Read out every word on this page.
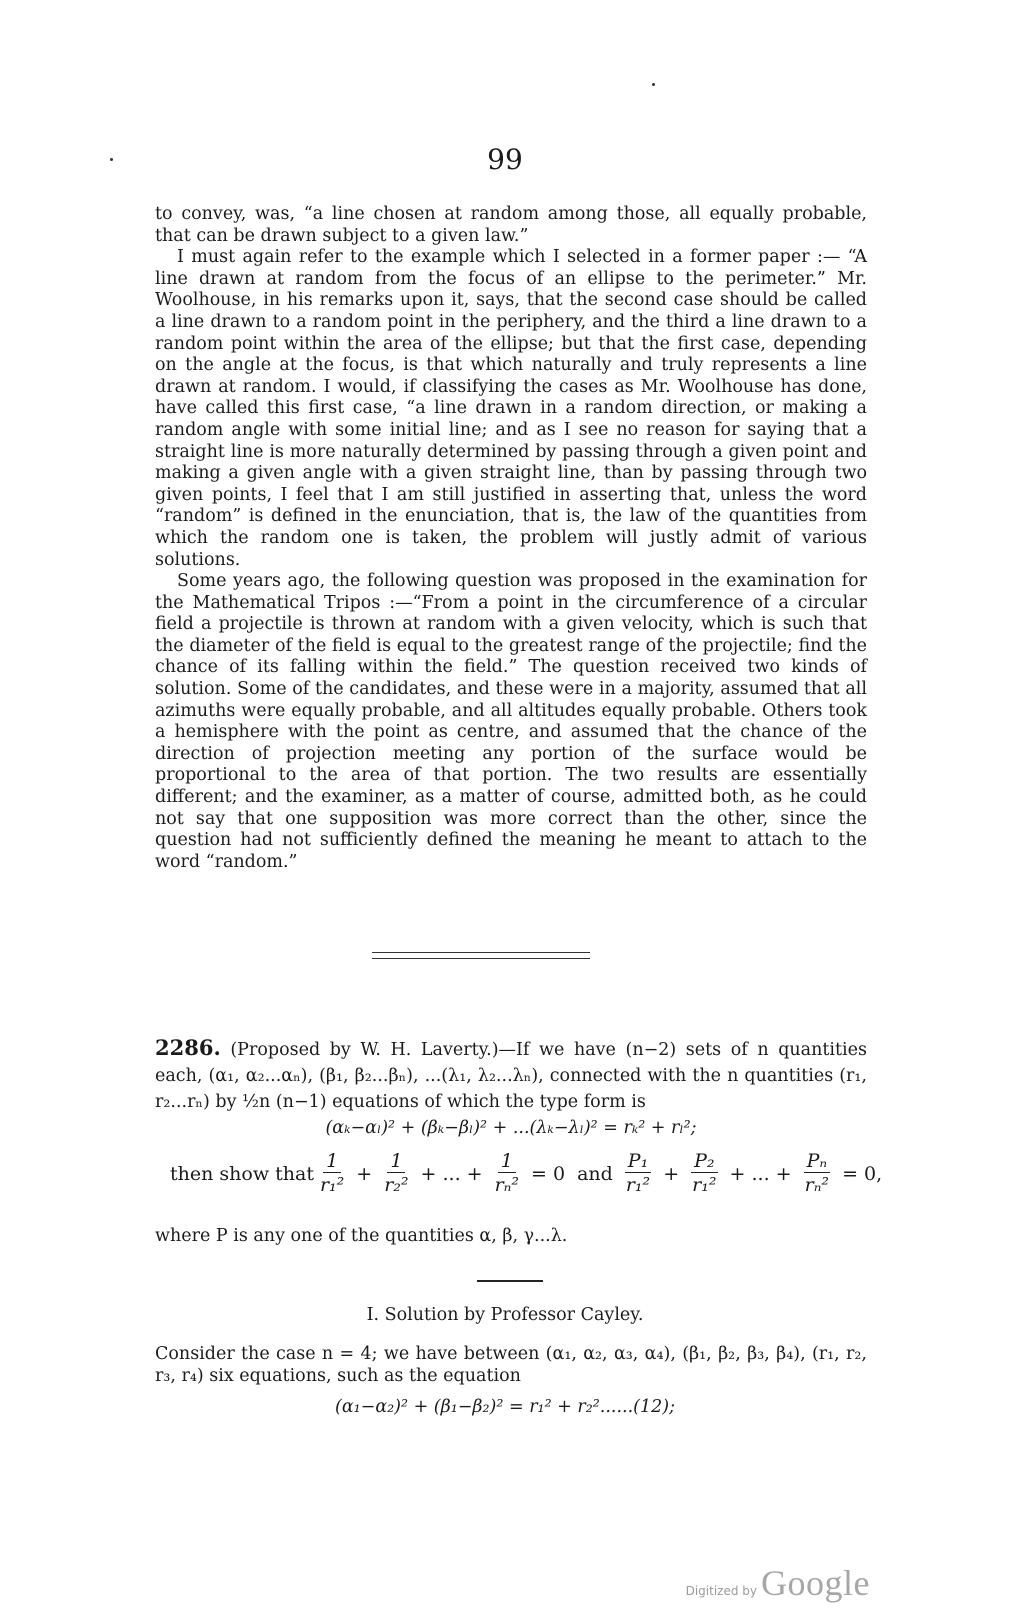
99

to convey, was, “a line chosen at random among those, all equally probable, that can be drawn subject to a given law.”

I must again refer to the example which I selected in a former paper :— “A line drawn at random from the focus of an ellipse to the perimeter.” Mr. Woolhouse, in his remarks upon it, says, that the second case should be called a line drawn to a random point in the periphery, and the third a line drawn to a random point within the area of the ellipse; but that the first case, depending on the angle at the focus, is that which naturally and truly represents a line drawn at random. I would, if classifying the cases as Mr. Woolhouse has done, have called this first case, “a line drawn in a random direction, or making a random angle with some initial line; and as I see no reason for saying that a straight line is more naturally determined by passing through a given point and making a given angle with a given straight line, than by passing through two given points, I feel that I am still justified in asserting that, unless the word “random” is defined in the enunciation, that is, the law of the quantities from which the random one is taken, the problem will justly admit of various solutions.

Some years ago, the following question was proposed in the examination for the Mathematical Tripos :—“From a point in the circumference of a circular field a projectile is thrown at random with a given velocity, which is such that the diameter of the field is equal to the greatest range of the projectile; find the chance of its falling within the field.” The question received two kinds of solution. Some of the candidates, and these were in a majority, assumed that all azimuths were equally probable, and all altitudes equally probable. Others took a hemisphere with the point as centre, and assumed that the chance of the direction of projection meeting any portion of the surface would be proportional to the area of that portion. The two results are essentially different; and the examiner, as a matter of course, admitted both, as he could not say that one supposition was more correct than the other, since the question had not sufficiently defined the meaning he meant to attach to the word “random.”

2286. (Proposed by W. H. Laverty.)—If we have (n−2) sets of n quantities each, (α₁, α₂...αₙ), (β₁, β₂...βₙ), ...(λ₁, λ₂...λₙ), connected with the n quantities (r₁, r₂...rₙ) by ½n (n−1) equations of which the type form is
(αₖ−αₗ)² + (βₖ−βₗ)² + ...(λₖ−λₗ)² = rₖ² + rₗ²;
then show that $\frac{1}{\text{r₁²}} + \frac{1}{\text{r₂²}}$ + ... + $\frac{1}{\text{rₙ²}} = 0$ and $\frac{\text{P₁}}{\text{r₁²}} + \frac{\text{P₂}}{\text{r₁²}}$ + ... + $\frac{\text{Pₙ}}{\text{rₙ²}} = 0$,
where P is any one of the quantities α, β, γ...λ.
I. Solution by Professor Cayley.
Consider the case n = 4; we have between (α₁, α₂, α₃, α₄), (β₁, β₂, β₃, β₄), (r₁, r₂, r₃, r₄) six equations, such as the equation
(α₁−α₂)² + (β₁−β₂)² = r₁² + r₂²......(12);
Digitized by Google
